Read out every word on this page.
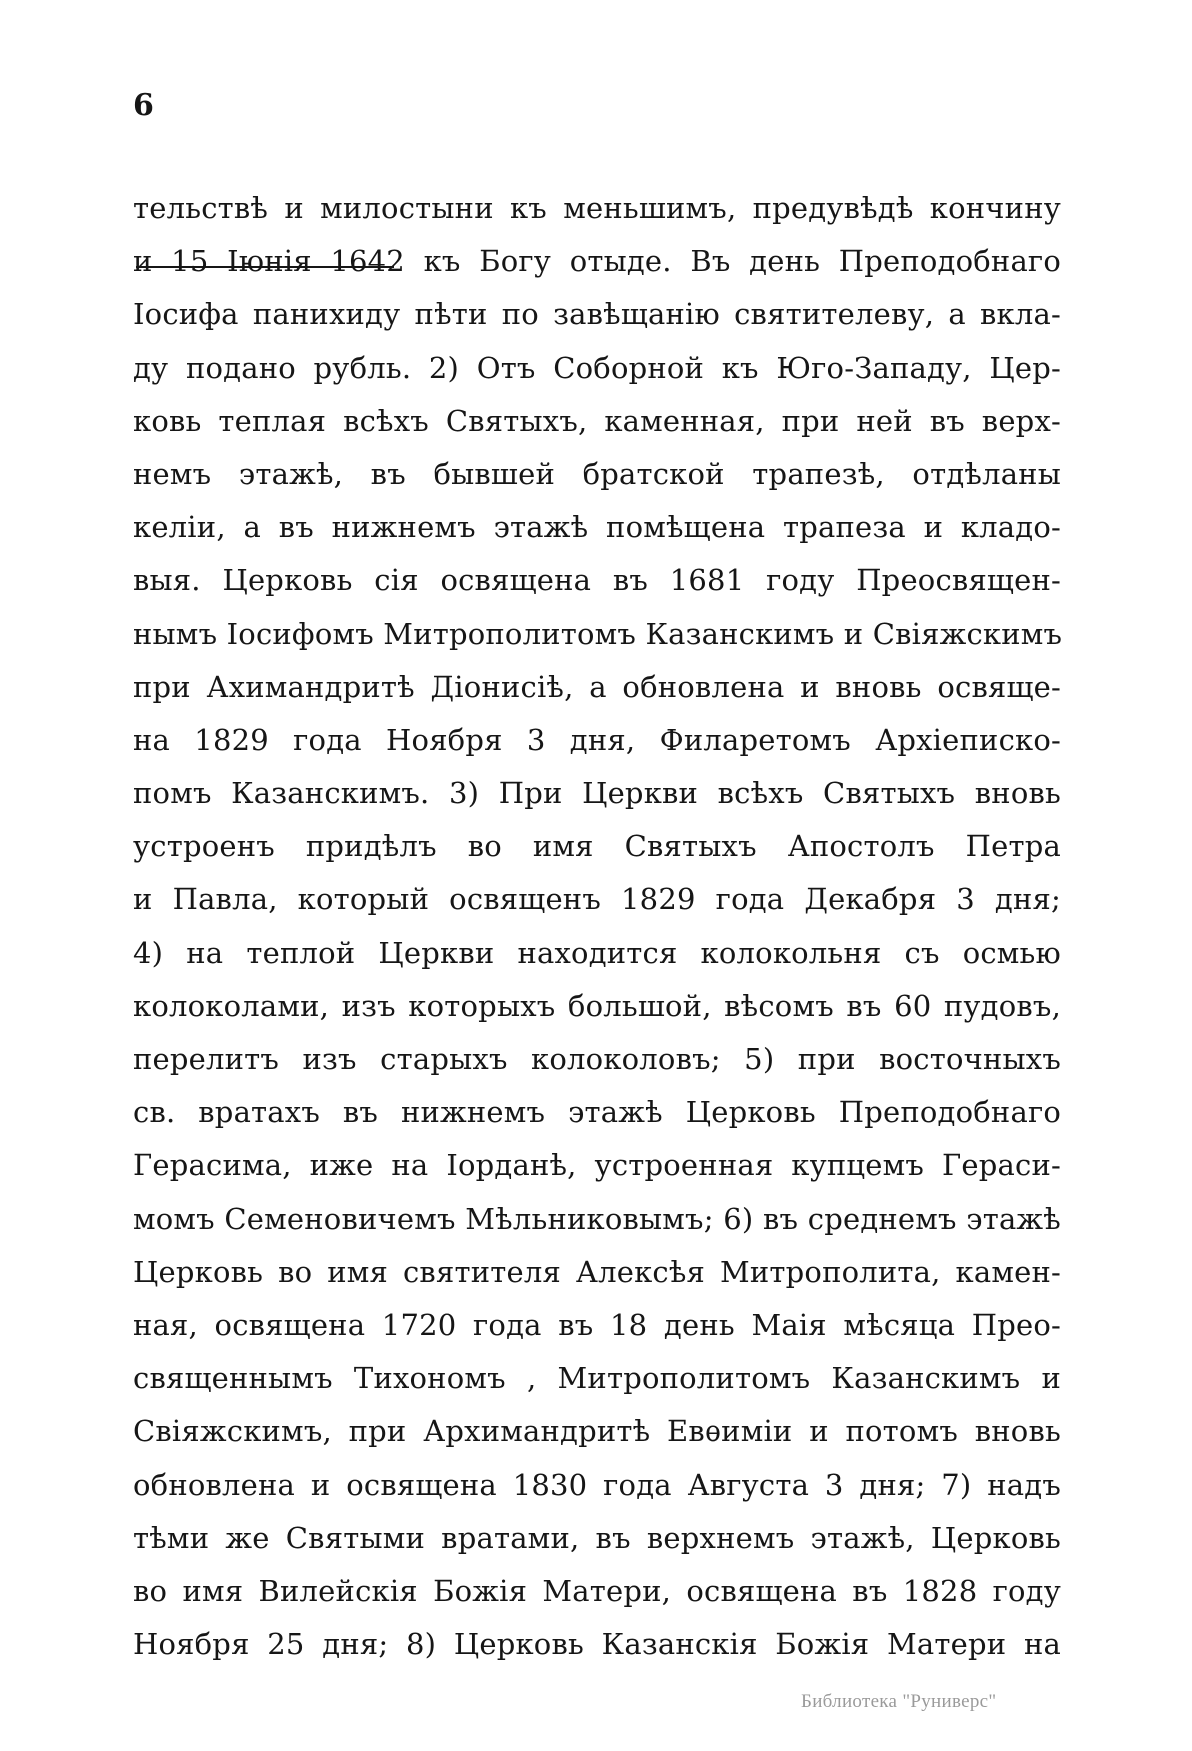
6
тельствѣ и милостыни къ меньшимъ, предувѣдѣ кончину
и 15 Іюнія 1642 къ Богу отыде. Въ день Преподобнаго
Іосифа панихиду пѣти по завѣщанію святителеву, а вкла-
ду подано рубль. 2) Отъ Соборной къ Юго-Западу, Цер-
ковь теплая всѣхъ Святыхъ, каменная, при ней въ верх-
немъ этажѣ, въ бывшей братской трапезѣ, отдѣланы
келіи, а въ нижнемъ этажѣ помѣщена трапеза и кладо-
выя. Церковь сія освящена въ 1681 году Преосвящен-
нымъ Іосифомъ Митрополитомъ Казанскимъ и Свіяжскимъ
при Ахимандритѣ Діонисіѣ, а обновлена и вновь освяще-
на 1829 года Ноября 3 дня, Филаретомъ Архіеписко-
помъ Казанскимъ. 3) При Церкви всѣхъ Святыхъ вновь
устроенъ придѣлъ во имя Святыхъ Апостолъ Петра
и Павла, который освященъ 1829 года Декабря 3 дня;
4) на теплой Церкви находится колокольня съ осмью
колоколами, изъ которыхъ большой, вѣсомъ въ 60 пудовъ,
перелитъ изъ старыхъ колоколовъ; 5) при восточныхъ
св. вратахъ въ нижнемъ этажѣ Церковь Преподобнаго
Герасима, иже на Іорданѣ, устроенная купцемъ Гераси-
момъ Семеновичемъ Мѣльниковымъ; 6) въ среднемъ этажѣ
Церковь во имя святителя Алексѣя Митрополита, камен-
ная, освящена 1720 года въ 18 день Маія мѣсяца Прео-
священнымъ Тихономъ , Митрополитомъ Казанскимъ и
Свіяжскимъ, при Архимандритѣ Евѳиміи и потомъ вновь
обновлена и освящена 1830 года Августа 3 дня; 7) надъ
тѣми же Святыми вратами, въ верхнемъ этажѣ, Церковь
во имя Вилейскія Божія Матери, освящена въ 1828 году
Ноября 25 дня; 8) Церковь Казанскія Божія Матери на
Библиотека "Руниверс"
